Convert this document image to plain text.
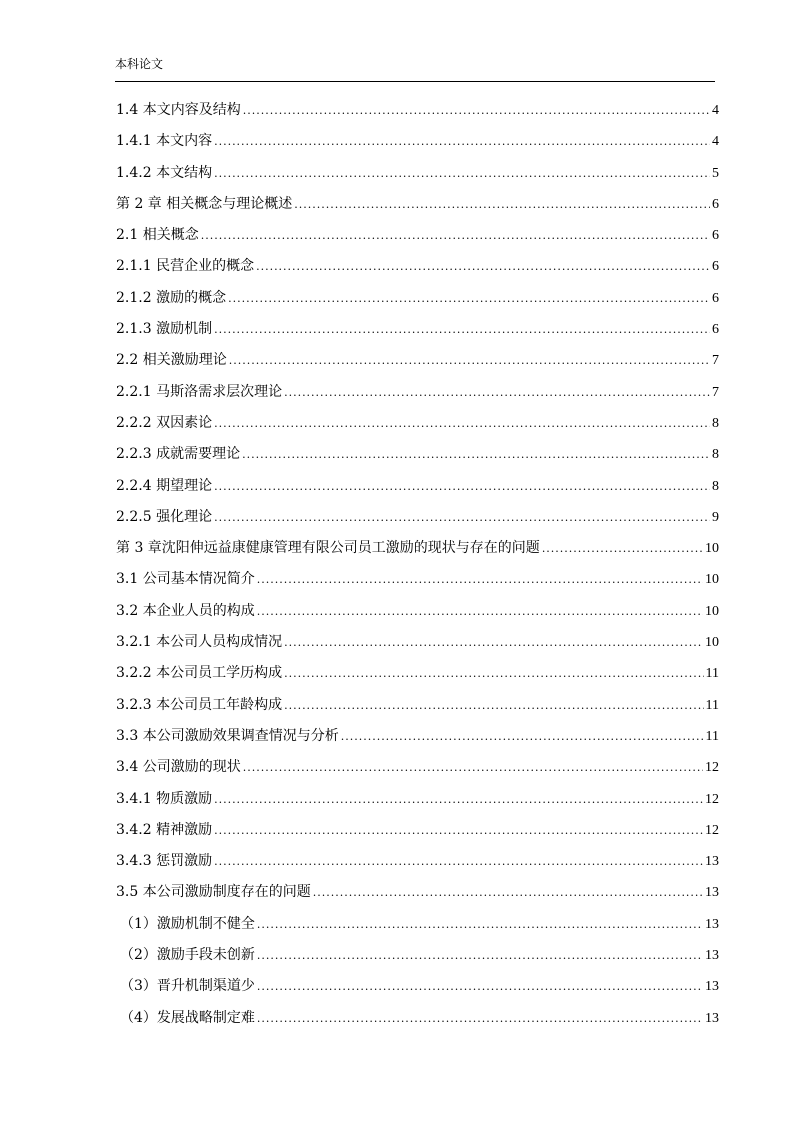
本科论文
1.4 本文内容及结构 .....	4
1.4.1 本文内容 .....	4
1.4.2 本文结构 .....	5
第 2 章 相关概念与理论概述 .....	6
2.1 相关概念 .....	6
2.1.1 民营企业的概念 .....	6
2.1.2 激励的概念 .....	6
2.1.3 激励机制 .....	6
2.2 相关激励理论 .....	7
2.2.1 马斯洛需求层次理论 .....	7
2.2.2 双因素论 .....	8
2.2.3 成就需要理论 .....	8
2.2.4 期望理论 .....	8
2.2.5 强化理论 .....	9
第 3 章沈阳伸远益康健康管理有限公司员工激励的现状与存在的问题 .....	10
3.1 公司基本情况简介 .....	10
3.2 本企业人员的构成 .....	10
3.2.1 本公司人员构成情况 .....	10
3.2.2 本公司员工学历构成 .....	11
3.2.3 本公司员工年龄构成 .....	11
3.3 本公司激励效果调查情况与分析 .....	11
3.4 公司激励的现状 .....	12
3.4.1 物质激励 .....	12
3.4.2 精神激励 .....	12
3.4.3 惩罚激励 .....	13
3.5 本公司激励制度存在的问题 .....	13
（1）激励机制不健全 .....	13
（2）激励手段未创新 .....	13
（3）晋升机制渠道少 .....	13
（4）发展战略制定难 .....	13
